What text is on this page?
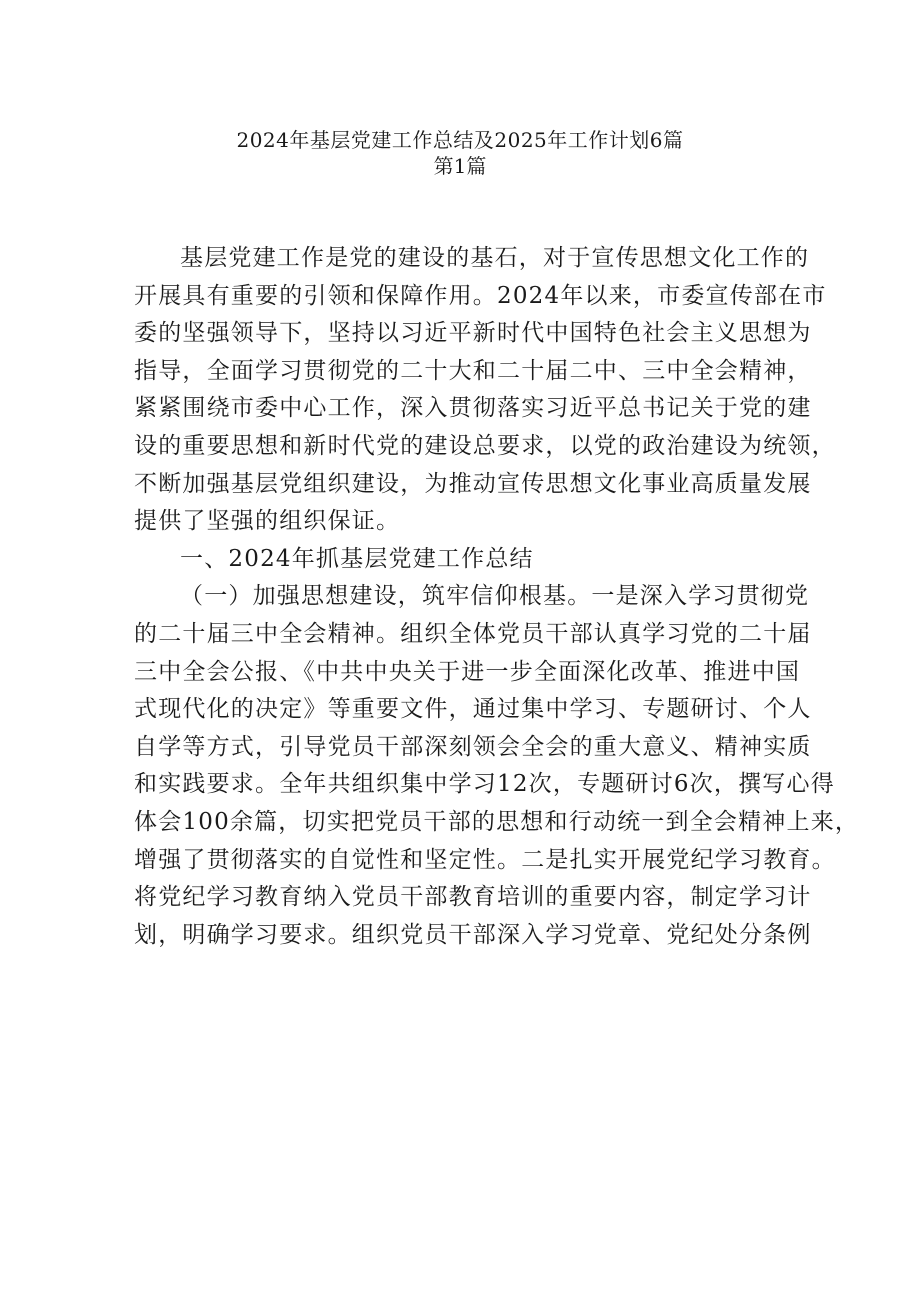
2024年基层党建工作总结及2025年工作计划6篇

第1篇

基层党建工作是党的建设的基石，对于宣传思想文化工作的

开展具有重要的引领和保障作用。2024年以来，市委宣传部在市

委的坚强领导下，坚持以习近平新时代中国特色社会主义思想为

指导，全面学习贯彻党的二十大和二十届二中、三中全会精神，

紧紧围绕市委中心工作，深入贯彻落实习近平总书记关于党的建

设的重要思想和新时代党的建设总要求，以党的政治建设为统领，

不断加强基层党组织建设，为推动宣传思想文化事业高质量发展

提供了坚强的组织保证。

一、2024年抓基层党建工作总结

（一）加强思想建设，筑牢信仰根基。一是深入学习贯彻党

的二十届三中全会精神。组织全体党员干部认真学习党的二十届

三中全会公报、《中共中央关于进一步全面深化改革、推进中国

式现代化的决定》等重要文件，通过集中学习、专题研讨、个人

自学等方式，引导党员干部深刻领会全会的重大意义、精神实质

和实践要求。全年共组织集中学习12次，专题研讨6次，撰写心得

体会100余篇，切实把党员干部的思想和行动统一到全会精神上来，

增强了贯彻落实的自觉性和坚定性。二是扎实开展党纪学习教育。

将党纪学习教育纳入党员干部教育培训的重要内容，制定学习计

划，明确学习要求。组织党员干部深入学习党章、党纪处分条例
